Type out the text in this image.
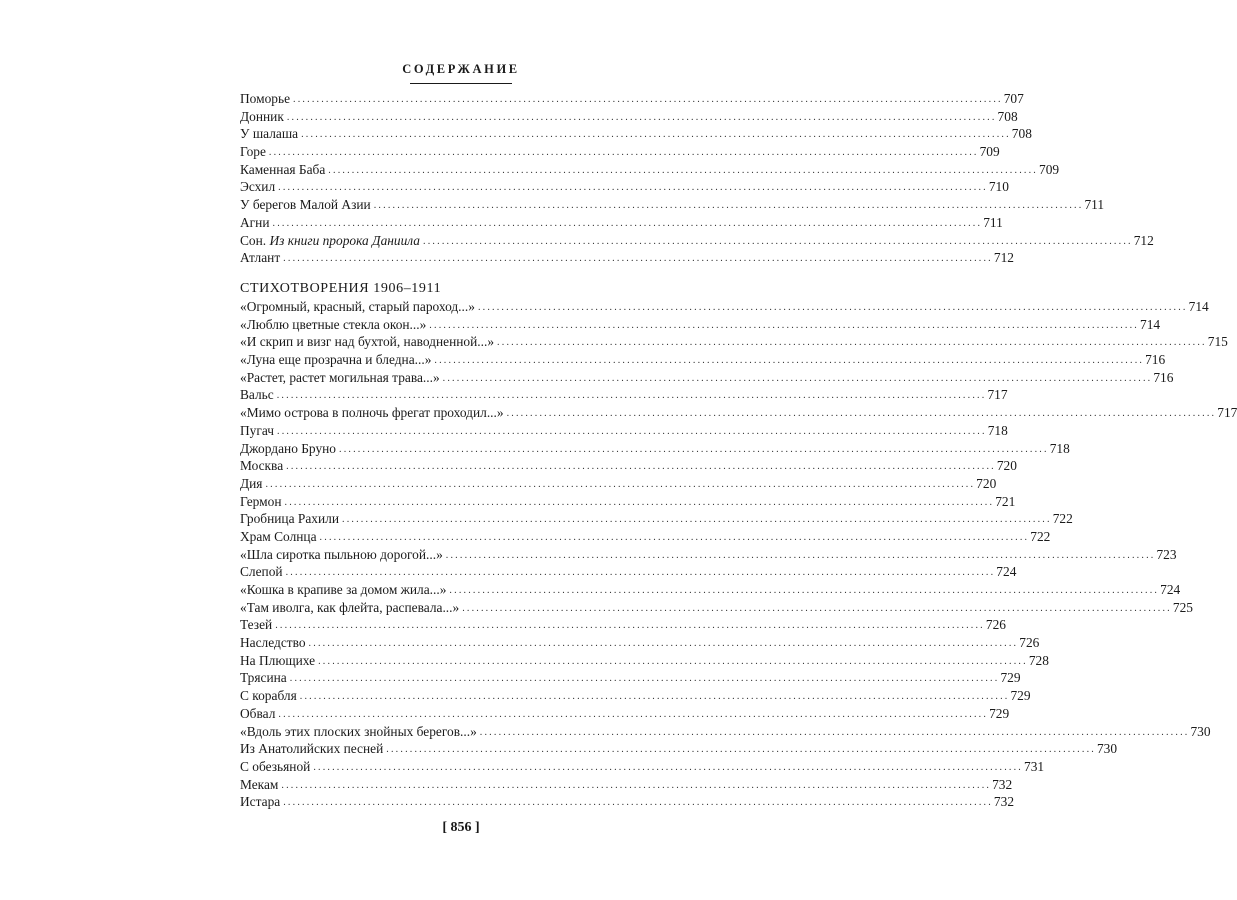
СОДЕРЖАНИЕ
Поморье ....................................................................................................................................................... 707
Донник ....................................................................................................................................................... 708
У шалаша ....................................................................................................................................................... 708
Горе ....................................................................................................................................................... 709
Каменная Баба ....................................................................................................................................................... 709
Эсхил ....................................................................................................................................................... 710
У берегов Малой Азии ....................................................................................................................................................... 711
Агни ....................................................................................................................................................... 711
Сон. Из книги пророка Даниила ....................................................................................................................................................... 712
Атлант ....................................................................................................................................................... 712
СТИХОТВОРЕНИЯ 1906–1911
«Огромный, красный, старый пароход...» ....................................................................................................................................................... 714
«Люблю цветные стекла окон...» ....................................................................................................................................................... 714
«И скрип и визг над бухтой, наводненной...» ....................................................................................................................................................... 715
«Луна еще прозрачна и бледна...» ....................................................................................................................................................... 716
«Растет, растет могильная трава...» ....................................................................................................................................................... 716
Вальс ....................................................................................................................................................... 717
«Мимо острова в полночь фрегат проходил...» ....................................................................................................................................................... 717
Пугач ....................................................................................................................................................... 718
Джордано Бруно ....................................................................................................................................................... 718
Москва ....................................................................................................................................................... 720
Дия ....................................................................................................................................................... 720
Гермон ....................................................................................................................................................... 721
Гробница Рахили ....................................................................................................................................................... 722
Храм Солнца ....................................................................................................................................................... 722
«Шла сиротка пыльною дорогой...» ....................................................................................................................................................... 723
Слепой ....................................................................................................................................................... 724
«Кошка в крапиве за домом жила...» ....................................................................................................................................................... 724
«Там иволга, как флейта, распевала...» ....................................................................................................................................................... 725
Тезей ....................................................................................................................................................... 726
Наследство ....................................................................................................................................................... 726
На Плющихе ....................................................................................................................................................... 728
Трясина ....................................................................................................................................................... 729
С корабля ....................................................................................................................................................... 729
Обвал ....................................................................................................................................................... 729
«Вдоль этих плоских знойных берегов...» ....................................................................................................................................................... 730
Из Анатолийских песней ....................................................................................................................................................... 730
С обезьяной ....................................................................................................................................................... 731
Мекам ....................................................................................................................................................... 732
Истара ....................................................................................................................................................... 732
[ 856 ]
